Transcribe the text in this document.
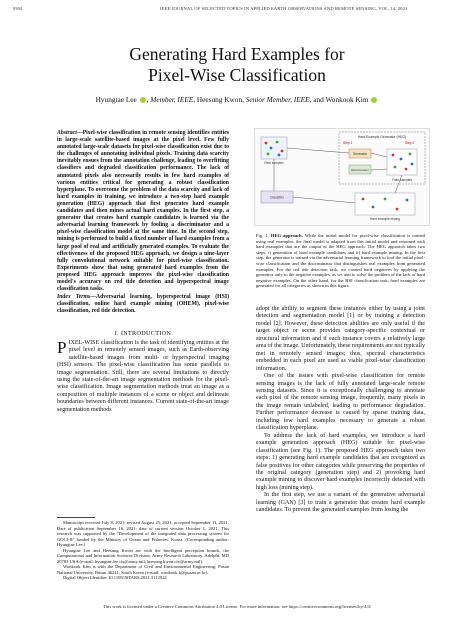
9304	IEEE JOURNAL OF SELECTED TOPICS IN APPLIED EARTH OBSERVATIONS AND REMOTE SENSING, VOL. 14, 2021
Generating Hard Examples for
Pixel-Wise Classification
Hyungtae Lee , Member, IEEE, Heesung Kwon, Senior Member, IEEE, and Wonkook Kim
Abstract—Pixel-wise classification in remote sensing identifies entities in large-scale satellite-based images at the pixel level. Few fully annotated large-scale datasets for pixel-wise classification exist due to the challenges of annotating individual pixels. Training data scarcity inevitably ensues from the annotation challenge, leading to overfitting classifiers and degraded classification performance. The lack of annotated pixels also necessarily results in few hard examples of various entities critical for generating a robust classification hyperplane. To overcome the problem of the data scarcity and lack of hard examples in training, we introduce a two-step hard example generation (HEG) approach that first generates hard example candidates and then mines actual hard examples. In the first step, a generator that creates hard example candidates is learned via the adversarial learning framework by fooling a discriminator and a pixel-wise classification model at the same time. In the second step, mining is performed to build a fixed number of hard examples from a large pool of real and artificially generated examples. To evaluate the effectiveness of the proposed HEG approach, we design a nine-layer fully convolutional network suitable for pixel-wise classification. Experiments show that using generated hard examples from the proposed HEG approach improves the pixel-wise classification model's accuracy on red tide detection and hyperspectral image classification tasks.
Index Terms—Adversarial learning, hyperspectral image (HSI) classification, online hard example mining (OHEM), pixel-wise classification, red tide detection.
I. INTRODUCTION
PIXEL-WISE classification is the task of identifying entities at the pixel level in remotely sensed images, such as Earth-observing satellite-based images from multi- or hyperspectral imaging (HSI) sensors. The pixel-wise classification has some parallels to image segmentation. Still, there are several limitations to directly using the state-of-the-art image segmentation methods for the pixel-wise classification. Image segmentation methods treat an image as a composition of multiple instances of a scene or object and delineate boundaries between different instances. Current state-of-the-art image segmentation methods

Manuscript received July 8, 2021; revised August 25, 2021; accepted September 11, 2021. Date of publication September 16, 2021; date of current version October 1, 2021. This research was supported by the "Development of the integrated data processing system for GOCI-II" funded by the Ministry of Ocean and Fisheries, Korea. (Corresponding author: Hyungtae Lee.)

Hyungtae Lee and Heesung Kwon are with the Intelligent perception branch, the Computational and Information Sciences Division, Army Research Laboratory, Adelphi, MD 20783 USA (e-mail: hyungtae.lee.cis@army.mil; heesung.kwon.civ@army.mil).

Wonkook Kim is with the Department of Civil and Environmental Engineering, Pusan National University, Busan 46241, South Korea (e-mail: wonkook.k@pusan.ac.kr).

Digital Object Identifier 10.1109/JSTARS.2021.3112924

Hard Example Generator (HEG)
Step 1	Step 2
Real samples
Generator
Discriminator
Fake samples
Classifier
Hard example mining
Fig. 1. HEG approach. While the initial model for pixel-wise classification is trained using real examples, the final model is adapted from this initial model and retrained with hard examples that are the output of the HEG approach. The HEG approach takes two steps: i) generation of hard example candidates and ii) hard example mining. In the first step, the generator is trained via the adversarial learning framework to fool the initial pixel-wise classification and the discriminator that distinguishes real examples from generated examples. For the red tide detection task, we created hard negatives by applying the generator only to the negative examples, as we aim to solve the problem of the lack of hard negative examples. On the other hand, for the HSI classification task, hard examples are generated for all categories as shown in this figure.

adopt the ability to segment these instances either by using a joint detection and segmentation model [1] or by training a detection model [2]. However, these detection abilities are only useful if the target object or scene provides category-specific contextual or structural information and if each instance covers a relatively large area of the image. Unfortunately, these requirements are not typically met in remotely sensed images; thus, spectral characteristics embedded in each pixel are used as viable pixel-wise classification information.

One of the issues with pixel-wise classification for remote sensing images is the lack of fully annotated large-scale remote sensing datasets. Since it is exceptionally challenging to annotate each pixel of the remote sensing image, frequently, many pixels in the image remain unlabeled, leading to performance degradation. Further performance decrease is caused by sparse training data, including few hard examples necessary to generate a robust classification hyperplane.

To address the lack of hard examples, we introduce a hard example generation approach (HEG) suitable for pixel-wise classification (see Fig. 1). The proposed HEG approach takes two steps: 1) generating hard example candidates that are recognized as false positives for other categories while preserving the properties of the original category (generation step) and 2) provoking hard example mining to discover hard examples incorrectly detected with high loss (mining step).

In the first step, we use a variant of the generative adversarial learning (GAN) [3] to train a generator that creates hard example candidates. To prevent the generated examples from losing the

This work is licensed under a Creative Commons Attribution 4.0 License. For more information, see https://creativecommons.org/licenses/by/4.0/
